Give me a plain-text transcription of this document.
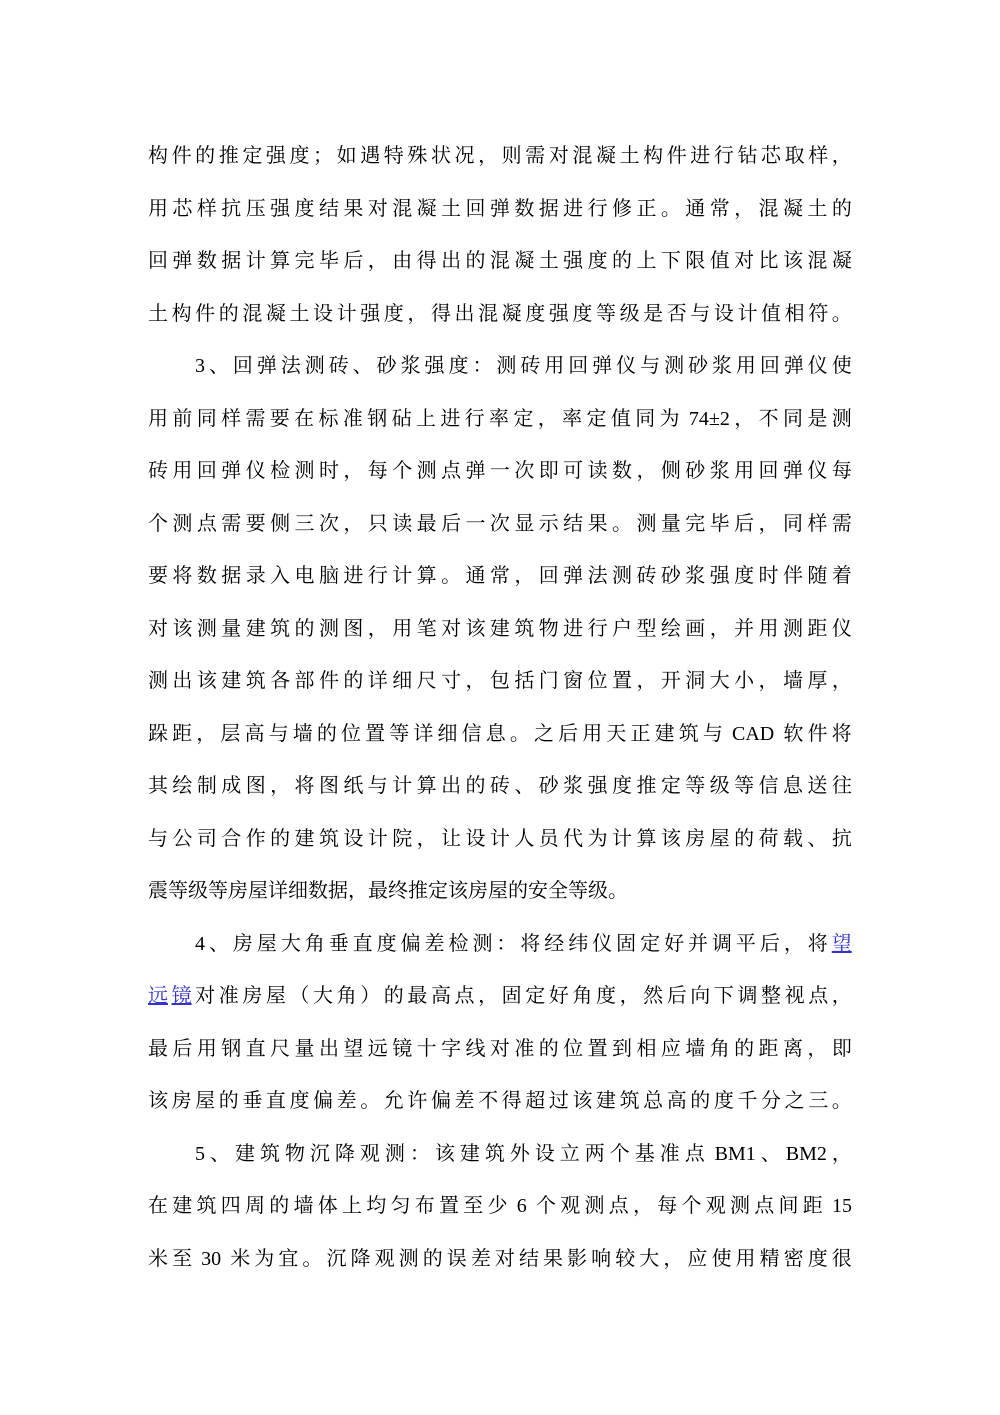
构 件 的 推 定 强 度 ； 如 遇 特 殊 状 况 ， 则 需 对 混 凝 土 构 件 进 行 钻 芯 取 样 ，
用 芯 样 抗 压 强 度 结 果 对 混 凝 土 回 弹 数 据 进 行 修 正 。 通 常 ， 混 凝 土 的
回 弹 数 据 计 算 完 毕 后 ， 由 得 出 的 混 凝 土 强 度 的 上 下 限 值 对 比 该 混 凝
土 构 件 的 混 凝 土 设 计 强 度 ， 得 出 混 凝 度 强 度 等 级 是 否 与 设 计 值 相 符 。
3 、 回 弹 法 测 砖 、 砂 浆 强 度 ： 测 砖 用 回 弹 仪 与 测 砂 浆 用 回 弹 仪 使
用 前 同 样 需 要 在 标 准 钢 砧 上 进 行 率 定 ， 率 定 值 同 为 74±2 ， 不 同 是 测
砖 用 回 弹 仪 检 测 时 ， 每 个 测 点 弹 一 次 即 可 读 数 ， 侧 砂 浆 用 回 弹 仪 每
个 测 点 需 要 侧 三 次 ， 只 读 最 后 一 次 显 示 结 果 。 测 量 完 毕 后 ， 同 样 需
要 将 数 据 录 入 电 脑 进 行 计 算 。 通 常 ， 回 弹 法 测 砖 砂 浆 强 度 时 伴 随 着
对 该 测 量 建 筑 的 测 图 ， 用 笔 对 该 建 筑 物 进 行 户 型 绘 画 ， 并 用 测 距 仪
测 出 该 建 筑 各 部 件 的 详 细 尺 寸 ， 包 括 门 窗 位 置 ， 开 洞 大 小 ， 墙 厚 ，
跺 距 ， 层 高 与 墙 的 位 置 等 详 细 信 息 。 之 后 用 天 正 建 筑 与 CAD 软 件 将
其 绘 制 成 图 ， 将 图 纸 与 计 算 出 的 砖 、 砂 浆 强 度 推 定 等 级 等 信 息 送 往
与 公 司 合 作 的 建 筑 设 计 院 ， 让 设 计 人 员 代 为 计 算 该 房 屋 的 荷 载 、 抗
震 等 级 等 房 屋 详 细 数 据 ， 最 终 推 定 该 房 屋 的 安 全 等 级 。
4 、 房 屋 大 角 垂 直 度 偏 差 检 测 ： 将 经 纬 仪 固 定 好 并 调 平 后 ， 将 望
远 镜 对 准 房 屋 （ 大 角 ） 的 最 高 点 ， 固 定 好 角 度 ， 然 后 向 下 调 整 视 点 ，
最 后 用 钢 直 尺 量 出 望 远 镜 十 字 线 对 准 的 位 置 到 相 应 墙 角 的 距 离 ， 即
该 房 屋 的 垂 直 度 偏 差 。 允 许 偏 差 不 得 超 过 该 建 筑 总 高 的 度 千 分 之 三 。
5 、 建 筑 物 沉 降 观 测 ： 该 建 筑 外 设 立 两 个 基 准 点 BM1 、 BM2 ，
在 建 筑 四 周 的 墙 体 上 均 匀 布 置 至 少 6 个 观 测 点 ， 每 个 观 测 点 间 距 15
米 至 30 米 为 宜 。 沉 降 观 测 的 误 差 对 结 果 影 响 较 大 ， 应 使 用 精 密 度 很
